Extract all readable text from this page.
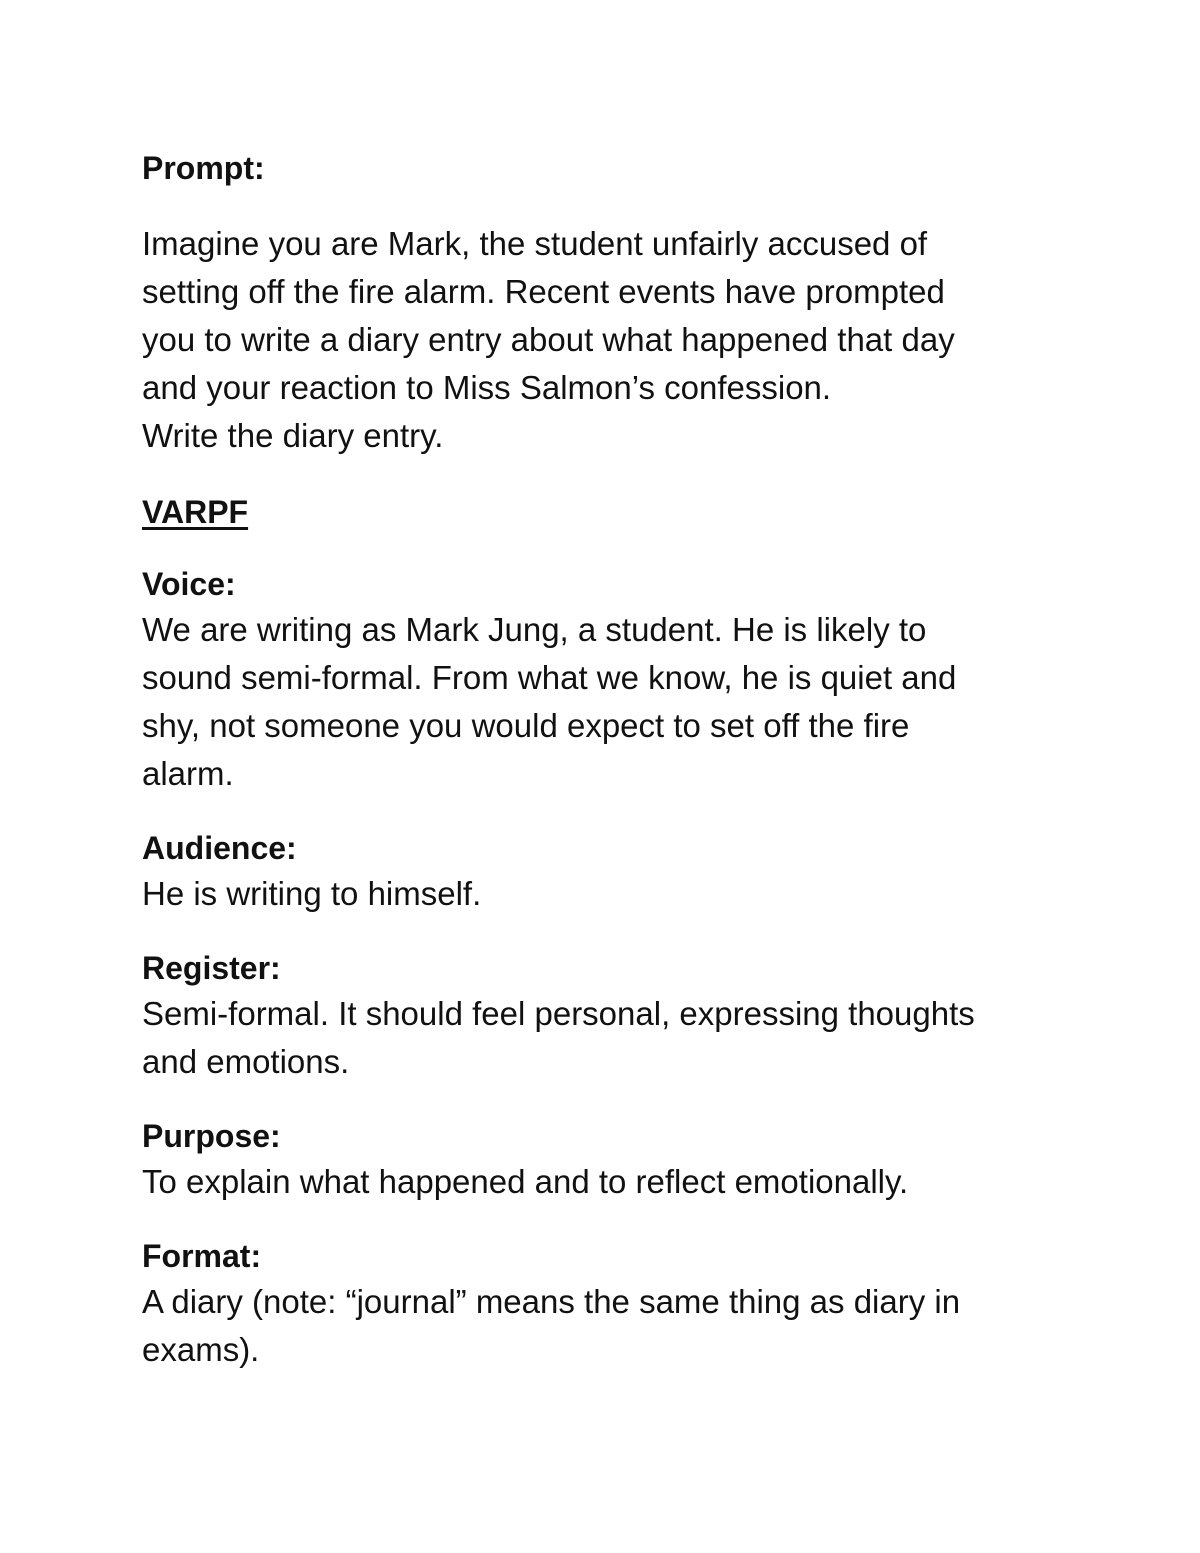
Prompt:

Imagine you are Mark, the student unfairly accused of
setting off the fire alarm. Recent events have prompted
you to write a diary entry about what happened that day
and your reaction to Miss Salmon’s confession.
Write the diary entry.

VARPF

Voice:

We are writing as Mark Jung, a student. He is likely to
sound semi-formal. From what we know, he is quiet and
shy, not someone you would expect to set off the fire
alarm.

Audience:

He is writing to himself.

Register:

Semi-formal. It should feel personal, expressing thoughts
and emotions.

Purpose:

To explain what happened and to reflect emotionally.

Format:

A diary (note: “journal” means the same thing as diary in
exams).
